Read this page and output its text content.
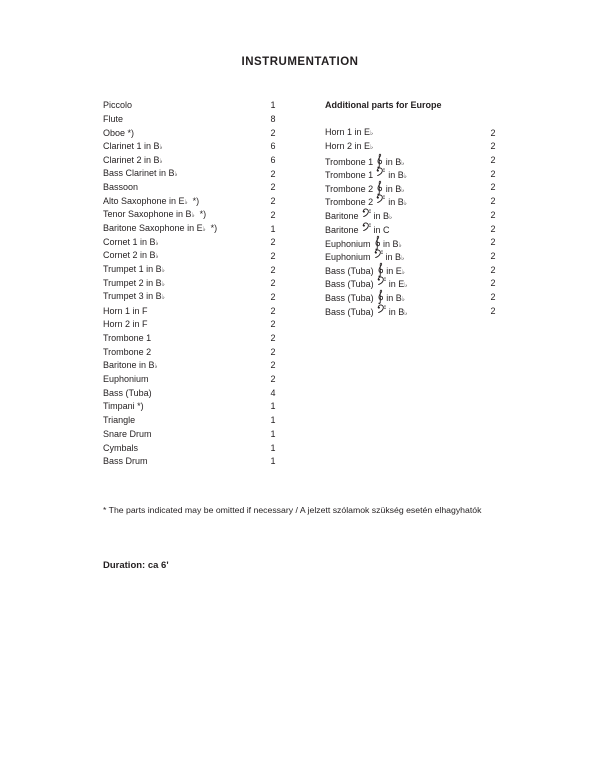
INSTRUMENTATION
Piccolo	1
Flute	8
Oboe *)	2
Clarinet 1 in B♭	6
Clarinet 2 in B♭	6
Bass Clarinet in B♭	2
Bassoon	2
Alto Saxophone in E♭  *)	2
Tenor Saxophone in B♭  *)	2
Baritone Saxophone in E♭  *)	1
Cornet 1 in B♭	2
Cornet 2 in B♭	2
Trumpet 1 in B♭	2
Trumpet 2 in B♭	2
Trumpet 3 in B♭	2
Horn 1 in F	2
Horn 2 in F	2
Trombone 1	2
Trombone 2	2
Baritone in B♭	2
Euphonium	2
Bass (Tuba)	4
Timpani *)	1
Triangle	1
Snare Drum	1
Cymbals	1
Bass Drum	1
Additional parts for Europe
Horn 1 in E♭	2
Horn 2 in E♭	2
Trombone 1  in B♭	2
Trombone 1  in B♭	2
Trombone 2  in B♭	2
Trombone 2  in B♭	2
Baritone  in B♭	2
Baritone  in C	2
Euphonium  in B♭	2
Euphonium  in B♭	2
Bass (Tuba)  in E♭	2
Bass (Tuba)  in E♭	2
Bass (Tuba)  in B♭	2
Bass (Tuba)  in B♭	2

* The parts indicated may be omitted if necessary / A jelzett szólamok szükség esetén elhagyhatók

Duration: ca 6'
